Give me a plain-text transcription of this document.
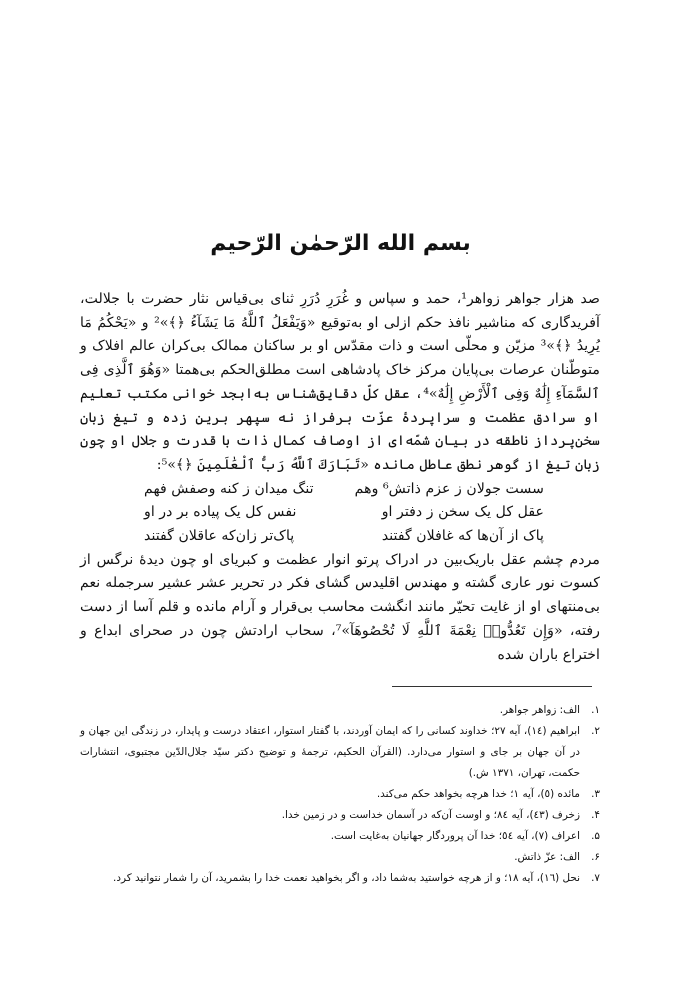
بسم الله الرّحمٰن الرّحیم

صد هزار جواهر زواهر¹، حمد و سپاس و غُرَرِ دُرَرِ ثنای بی‌قیاس نثار حضرت با جلالت، آفریدگاری که مناشیر نافذ حکم ازلی او به‌توقیع «وَيَفْعَلُ ٱللَّهُ مَا يَشَآءُ ﴿﴾»² و «يَحْكُمُ مَا يُرِيدُ ﴿﴾»³ مزیّن و محلّی است و ذات مقدّس او بر ساکنان ممالک بی‌کران عالم افلاک و متوطّنان عرصات بی‌پایان مرکز خاک پادشاهی است مطلق‌الحکم بی‌همتا «وَهُوَ ٱلَّذِى فِى ٱلسَّمَآءِ إِلَٰهٌ وَفِى ٱلْأَرْضِ إِلَٰهٌ»⁴، عقل کلّ دقایق‌شناس به‌ابجد خوانی مکتب تعلیم او سرادق عظمت و سراپردهٔ عزّت برفراز نه سپهر برین زده و تیغ زبان سخن‌پرداز ناطقه در بیان شمّه‌ای از اوصاف کمال ذات با قدرت و جلال او چون زبان تیغ از گوهر نطق عاطل مانده «تَبَارَكَ ٱللَّهُ رَبُّ ٱلْعَٰلَمِينَ ﴿﴾»⁵:

سست جولان ز عزم ذاتش⁶ وهم
تنگ میدان ز کنه وصفش فهم
عقل کل یک سخن ز دفتر او
نفس کل یک پیاده بر در او
پاک از آن‌ها که غافلان گفتند
پاک‌تر زان‌که عاقلان گفتند

مردم چشم عقل باریک‌بین در ادراک پرتو انوار عظمت و کبریای او چون دیدهٔ نرگس از کسوت نور عاری گشته و مهندس اقلیدس گشای فکر در تحریر عشر عشیر سرجمله نعم بی‌منتهای او از غایت تحیّر مانند انگشت محاسب بی‌قرار و آرام مانده و قلم آسا از دست رفته، «وَإِن تَعُدُّوا۟ نِعْمَةَ ٱللَّهِ لَا تُحْصُوهَآ»⁷، سحاب ارادتش چون در صحرای ابداع و اختراع باران شده

۱.
الف: زواهر جواهر.
۲.
ابراهیم (١٤)، آیه ٢٧؛ خداوند کسانی را که ایمان آوردند، با گفتار استوار، اعتقاد درست و پایدار، در زندگی این جهان و در آن جهان بر جای و استوار می‌دارد. (القرآن الحکیم، ترجمهٔ و توضیح دکتر سیّد جلال‌الدّین مجتبوی، انتشارات حکمت، تهران، ١٣٧١ ش.)
۳.
مائده (٥)، آیه ١؛ خدا هرچه بخواهد حکم می‌کند.
۴.
زخرف (٤٣)، آیه ٨٤؛ و اوست آن‌که در آسمان خداست و در زمین خدا.
۵.
اعراف (٧)، آیه ٥٤؛ خدا آن پروردگار جهانیان به‌غایت است.
۶.
الف: عزّ ذاتش.
۷.
نحل (١٦)، آیه ١٨؛ و از هرچه خواستید به‌شما داد، و اگر بخواهید نعمت خدا را بشمرید، آن را شمار نتوانید کرد.
